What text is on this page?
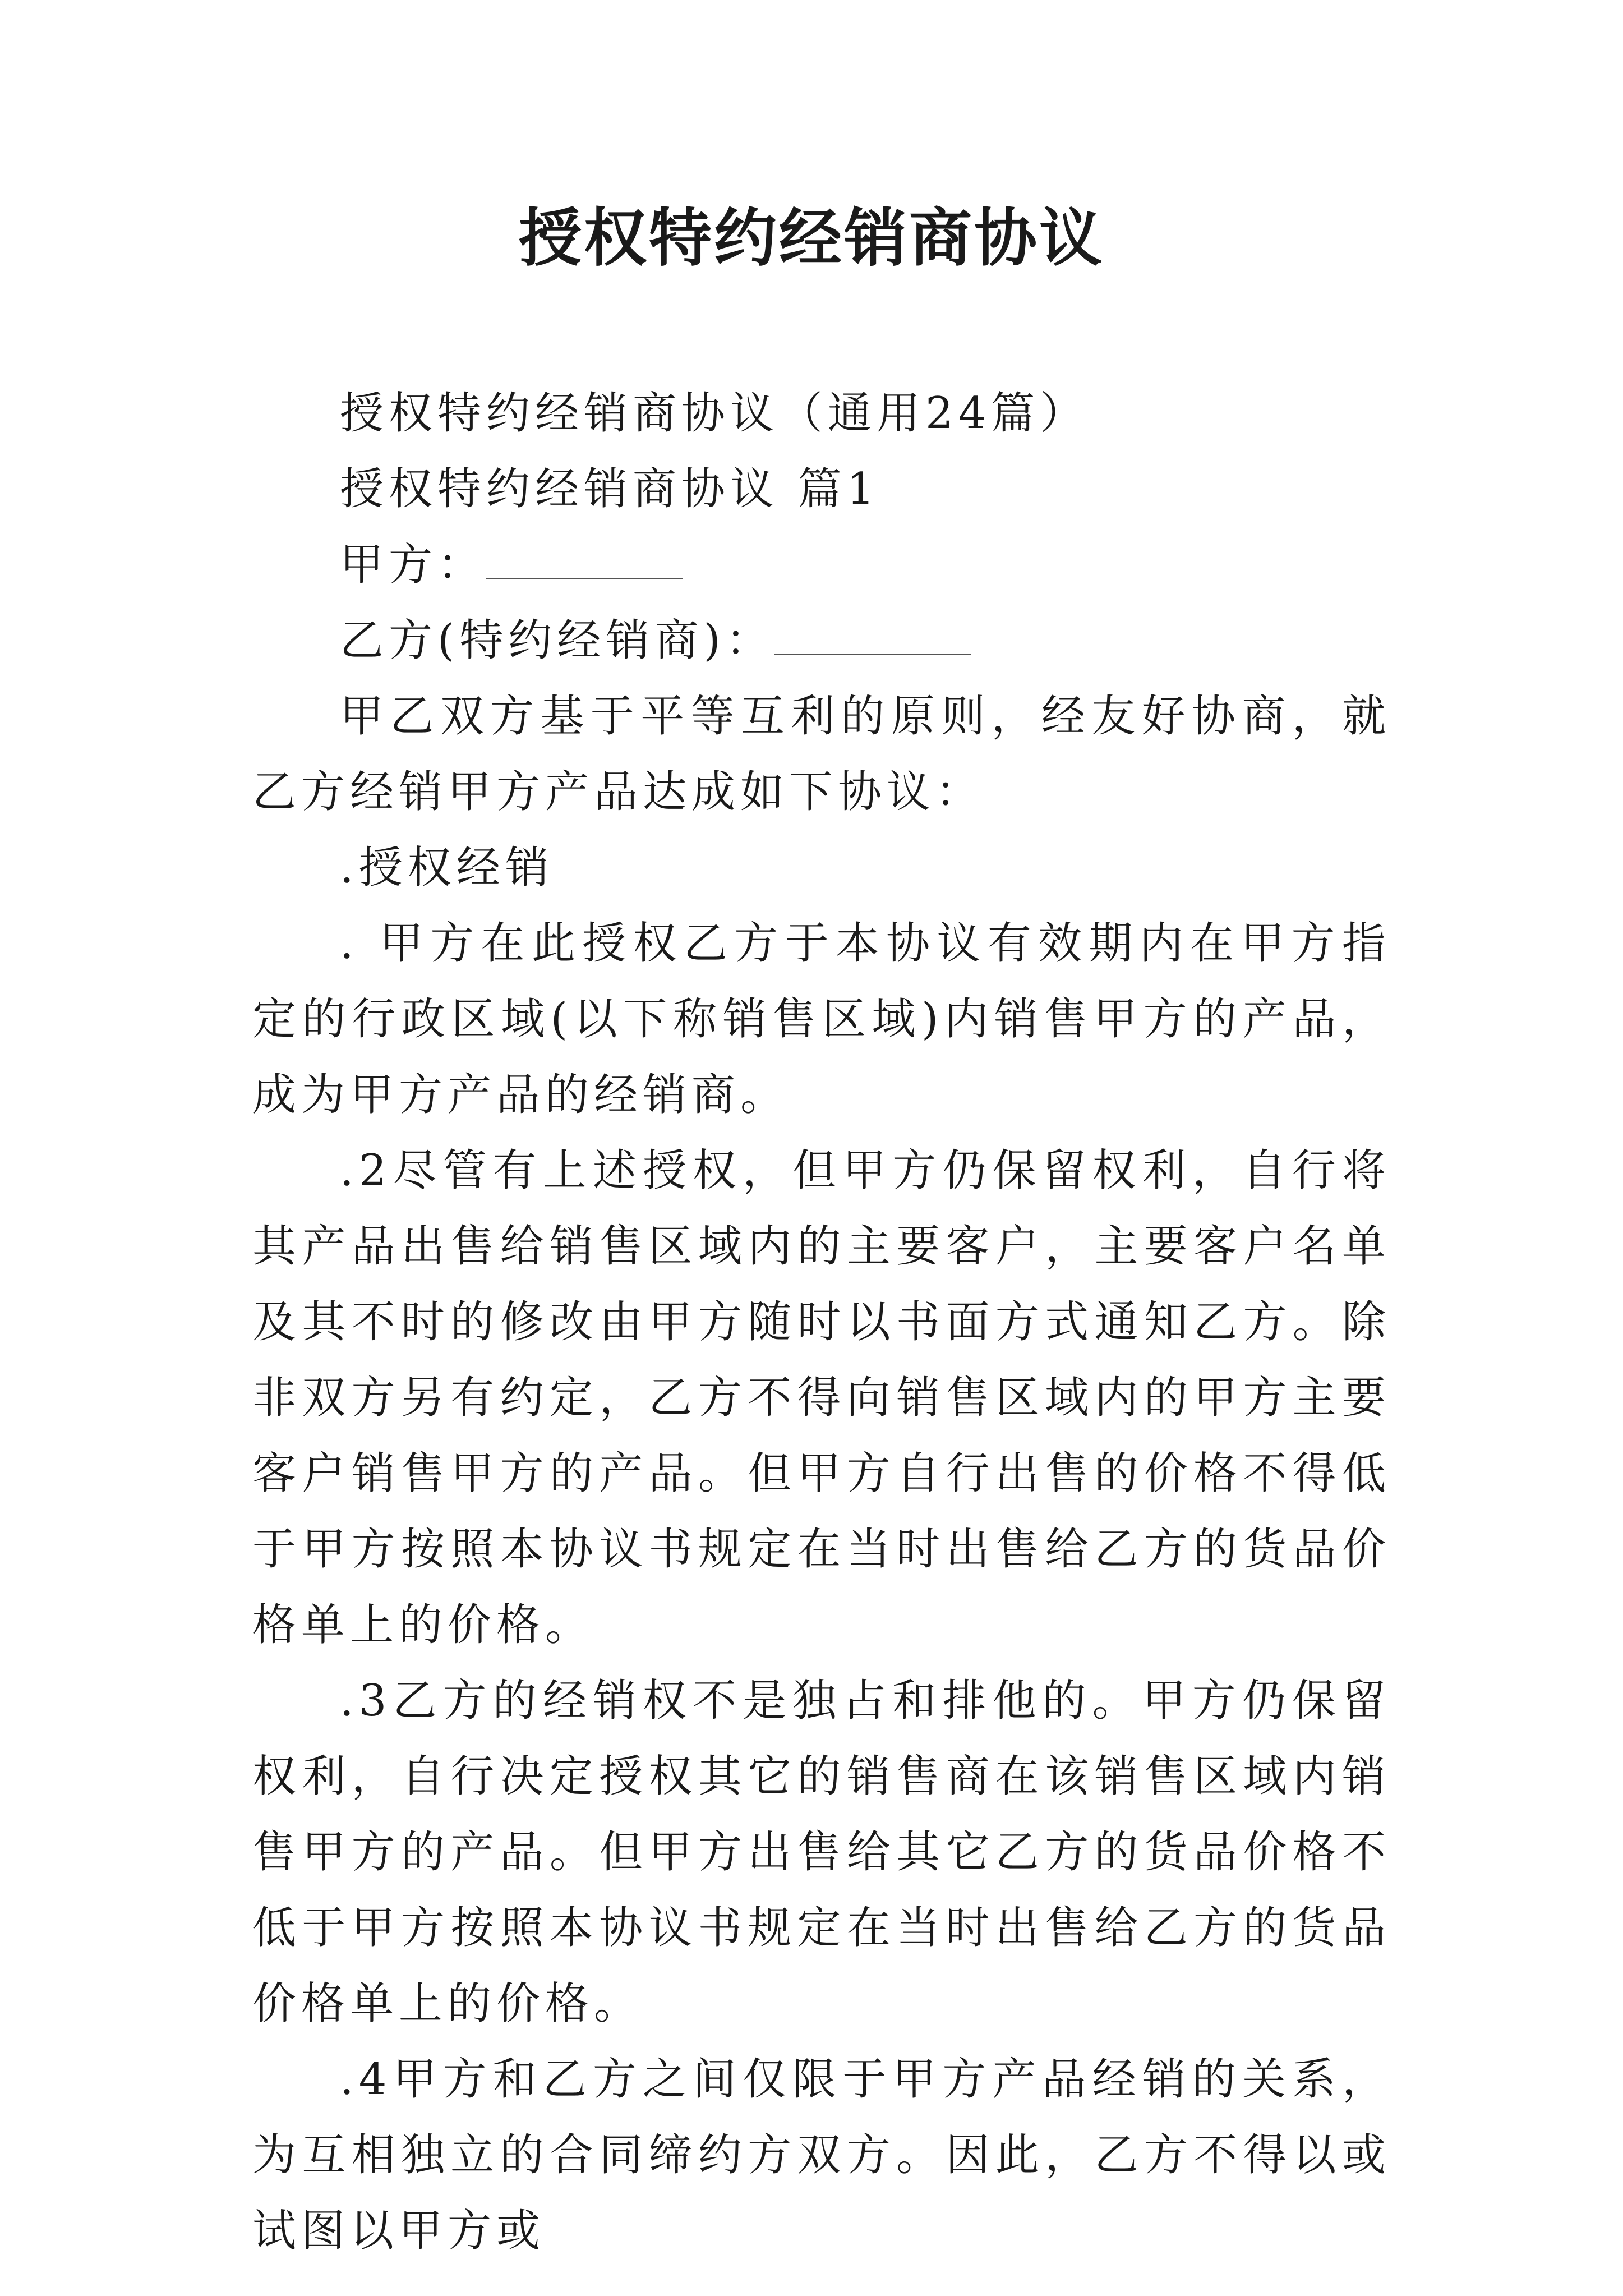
授权特约经销商协议

授权特约经销商协议（通用24篇）

授权特约经销商协议 篇1

甲方：

乙方(特约经销商)：

甲乙双方基于平等互利的原则，经友好协商，就乙方经销甲方产品达成如下协议：

.授权经销

. 甲方在此授权乙方于本协议有效期内在甲方指定的行政区域(以下称销售区域)内销售甲方的产品，成为甲方产品的经销商。

.2尽管有上述授权，但甲方仍保留权利，自行将其产品出售给销售区域内的主要客户，主要客户名单及其不时的修改由甲方随时以书面方式通知乙方。除非双方另有约定，乙方不得向销售区域内的甲方主要客户销售甲方的产品。但甲方自行出售的价格不得低于甲方按照本协议书规定在当时出售给乙方的货品价格单上的价格。

.3乙方的经销权不是独占和排他的。甲方仍保留权利，自行决定授权其它的销售商在该销售区域内销售甲方的产品。但甲方出售给其它乙方的货品价格不低于甲方按照本协议书规定在当时出售给乙方的货品价格单上的价格。

.4甲方和乙方之间仅限于甲方产品经销的关系，为互相独立的合同缔约方双方。因此，乙方不得以或试图以甲方或
